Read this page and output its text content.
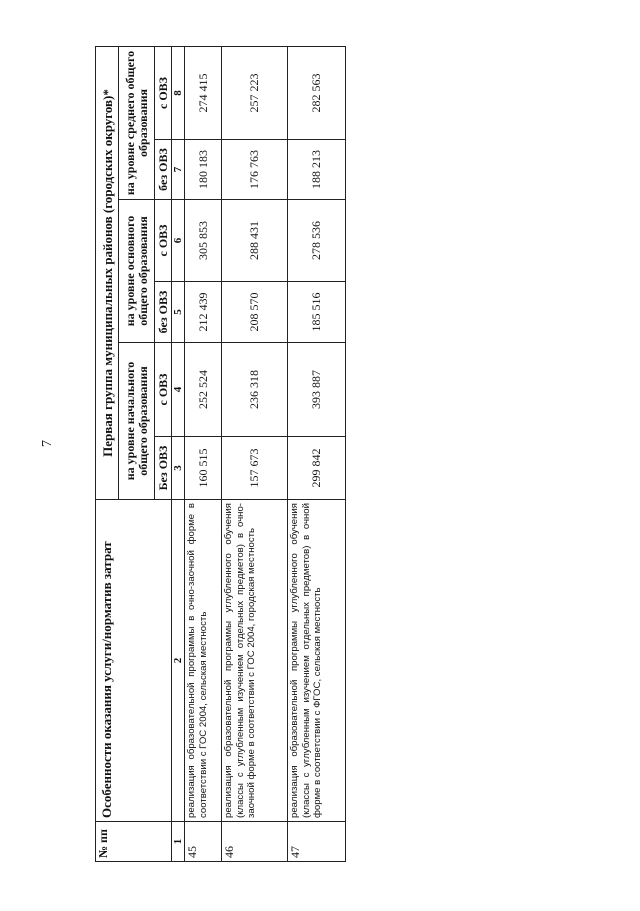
7
№ пп	Особенности оказания услуги/норматив затрат	Первая группа муниципальных районов (городских округов)*					
		на уровне начального общего образования		на уровне основного общего образования		на уровне среднего общего образования	
		Без ОВЗ	с ОВЗ	без ОВЗ	с ОВЗ	без ОВЗ	с ОВЗ
1	2	3	4	5	6	7	8
45	реализация образовательной программы в очно-заочной форме в соответствии с ГОС 2004, сельская местность	160 515	252 524	212 439	305 853	180 183	274 415
46	реализация образовательной программы углубленного обучения (классы с углубленным изучением отдельных предметов) в очно-заочной форме в соответствии с ГОС 2004, городская местность	157 673	236 318	208 570	288 431	176 763	257 223
47	реализация образовательной программы углубленного обучения (классы с углубленным изучением отдельных предметов) в очной форме в соответствии с ФГОС, сельская местность	299 842	393 887	185 516	278 536	188 213	282 563
